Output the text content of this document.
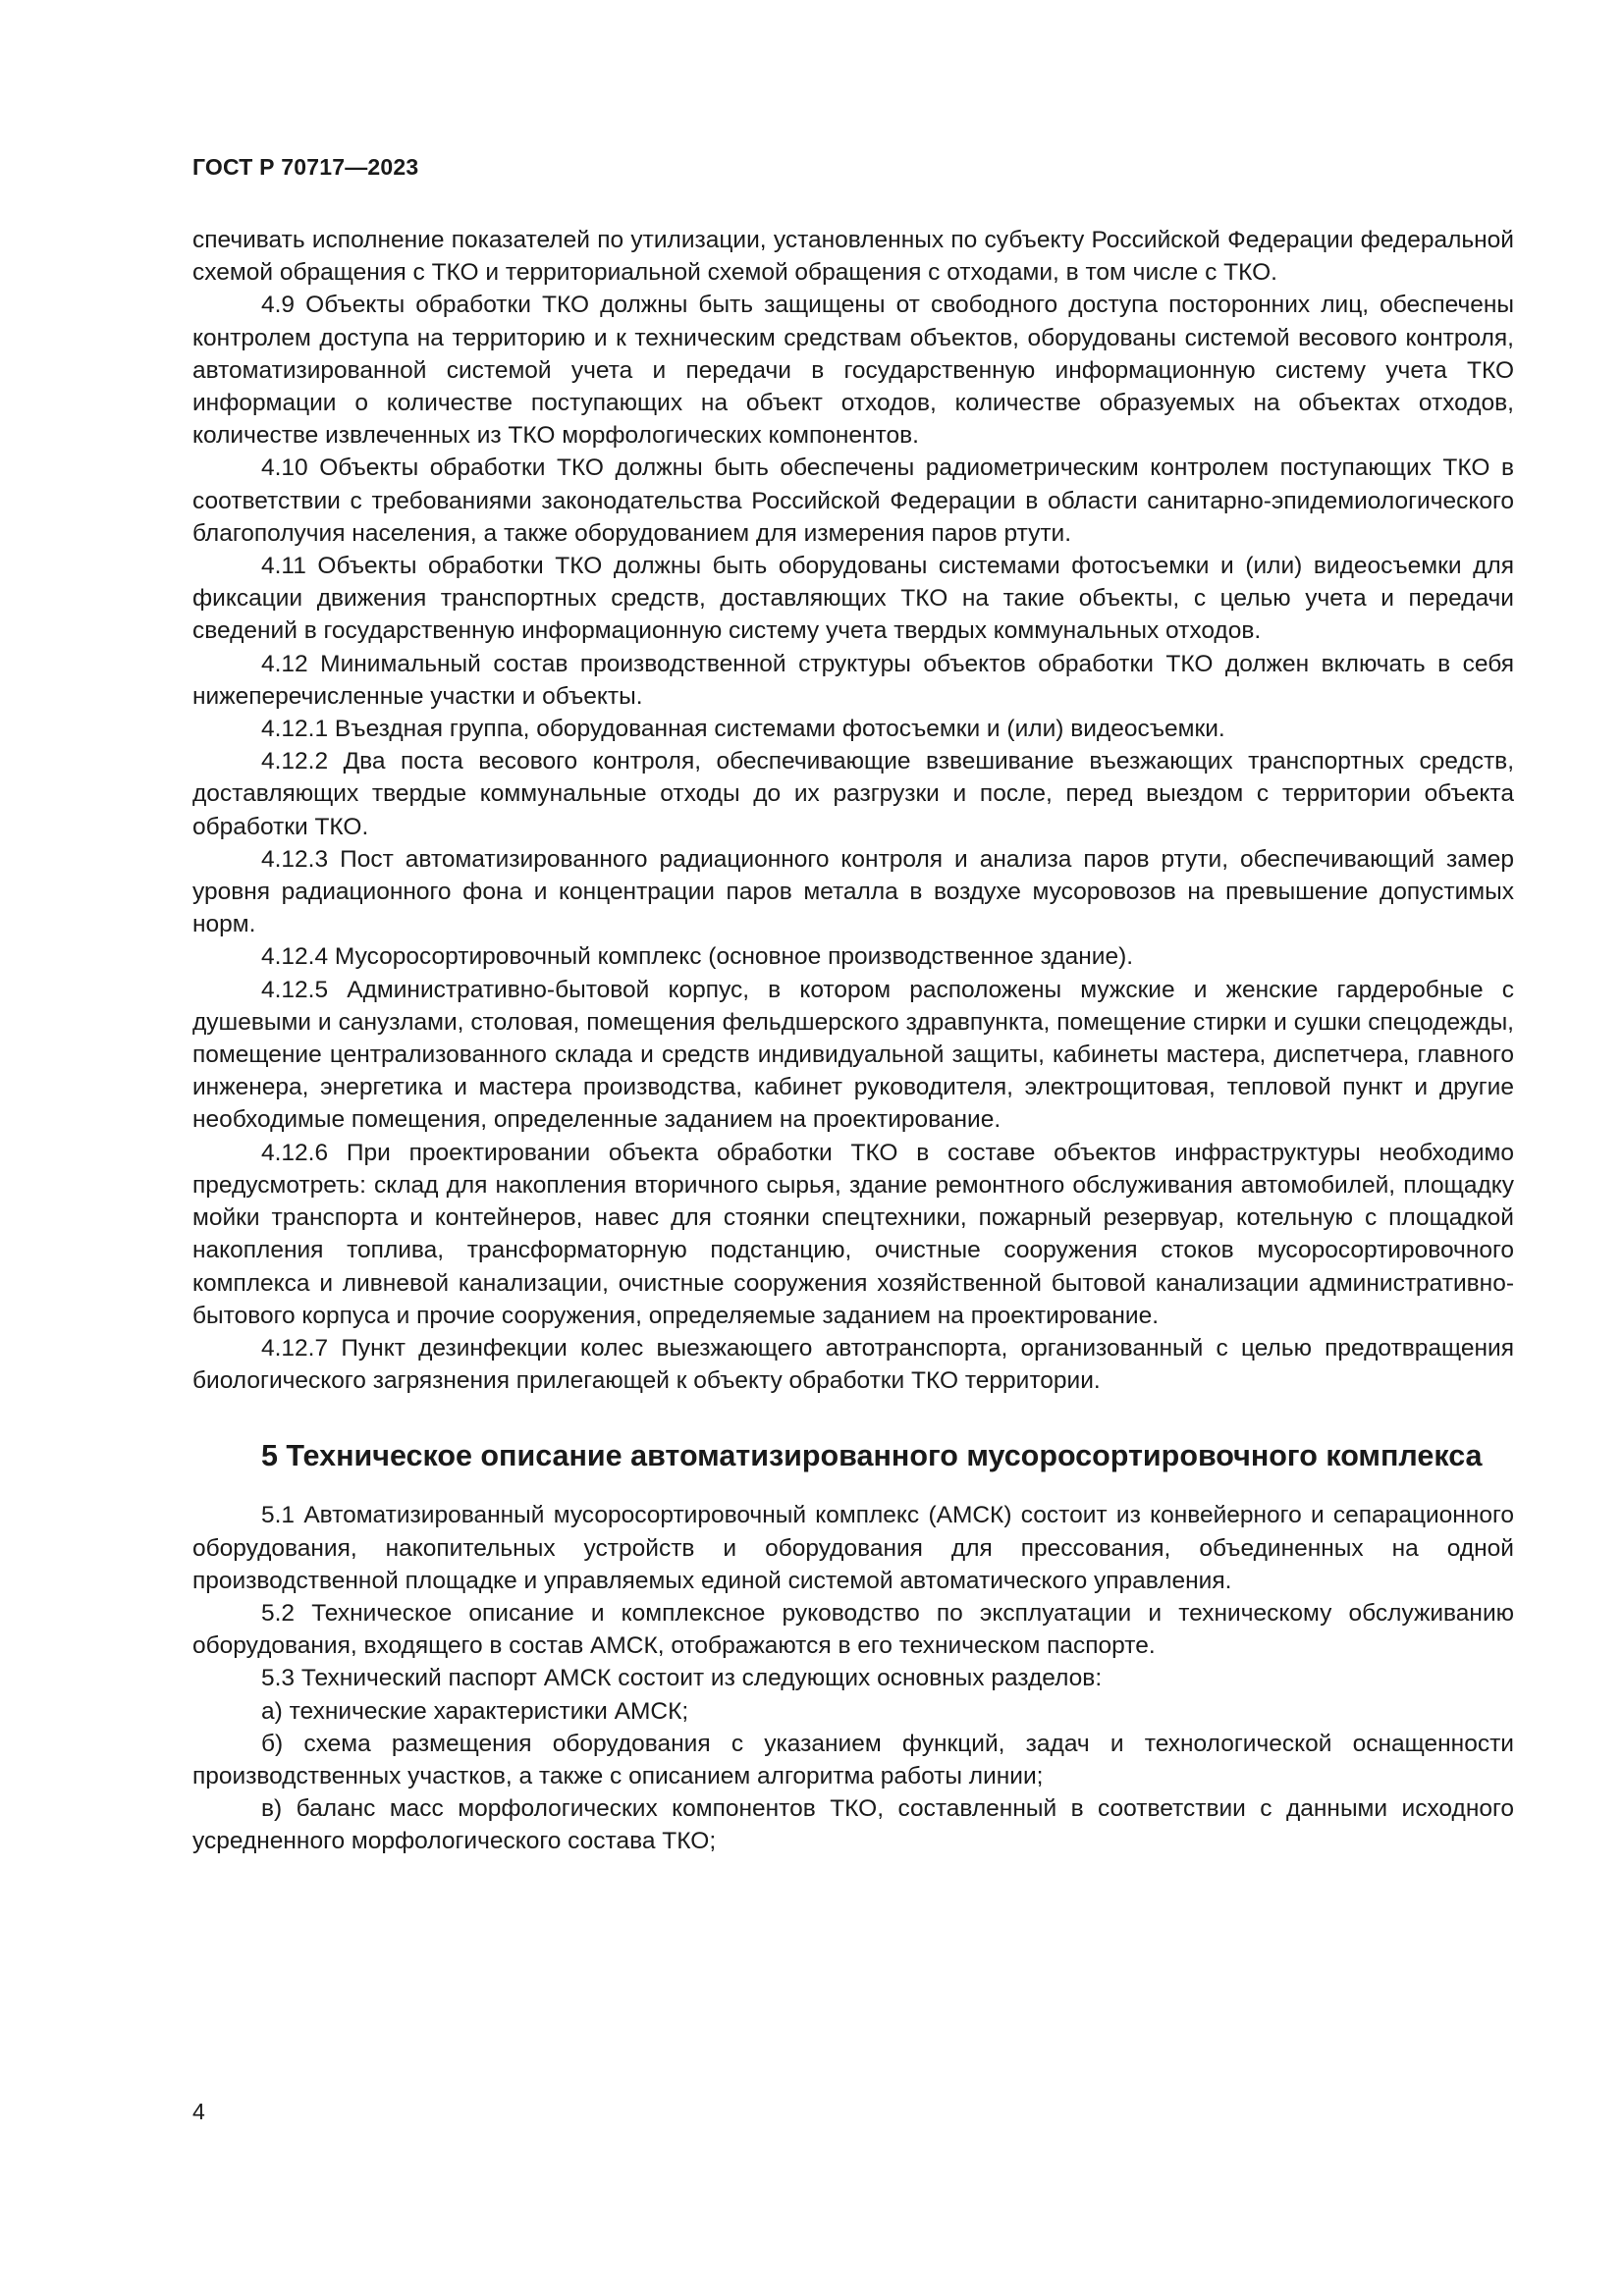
ГОСТ Р 70717—2023

спечивать исполнение показателей по утилизации, установленных по субъекту Российской Федерации федеральной схемой обращения с ТКО и территориальной схемой обращения с отходами, в том числе с ТКО.

4.9 Объекты обработки ТКО должны быть защищены от свободного доступа посторонних лиц, обеспечены контролем доступа на территорию и к техническим средствам объектов, оборудованы системой весового контроля, автоматизированной системой учета и передачи в государственную информационную систему учета ТКО информации о количестве поступающих на объект отходов, количестве образуемых на объектах отходов, количестве извлеченных из ТКО морфологических компонентов.

4.10 Объекты обработки ТКО должны быть обеспечены радиометрическим контролем поступающих ТКО в соответствии с требованиями законодательства Российской Федерации в области санитарно-эпидемиологического благополучия населения, а также оборудованием для измерения паров ртути.

4.11 Объекты обработки ТКО должны быть оборудованы системами фотосъемки и (или) видеосъемки для фиксации движения транспортных средств, доставляющих ТКО на такие объекты, с целью учета и передачи сведений в государственную информационную систему учета твердых коммунальных отходов.

4.12 Минимальный состав производственной структуры объектов обработки ТКО должен включать в себя нижеперечисленные участки и объекты.

4.12.1 Въездная группа, оборудованная системами фотосъемки и (или) видеосъемки.

4.12.2 Два поста весового контроля, обеспечивающие взвешивание въезжающих транспортных средств, доставляющих твердые коммунальные отходы до их разгрузки и после, перед выездом с территории объекта обработки ТКО.

4.12.3 Пост автоматизированного радиационного контроля и анализа паров ртути, обеспечивающий замер уровня радиационного фона и концентрации паров металла в воздухе мусоровозов на превышение допустимых норм.

4.12.4 Мусоросортировочный комплекс (основное производственное здание).

4.12.5 Административно-бытовой корпус, в котором расположены мужские и женские гардеробные с душевыми и санузлами, столовая, помещения фельдшерского здравпункта, помещение стирки и сушки спецодежды, помещение централизованного склада и средств индивидуальной защиты, кабинеты мастера, диспетчера, главного инженера, энергетика и мастера производства, кабинет руководителя, электрощитовая, тепловой пункт и другие необходимые помещения, определенные заданием на проектирование.

4.12.6 При проектировании объекта обработки ТКО в составе объектов инфраструктуры необходимо предусмотреть: склад для накопления вторичного сырья, здание ремонтного обслуживания автомобилей, площадку мойки транспорта и контейнеров, навес для стоянки спецтехники, пожарный резервуар, котельную с площадкой накопления топлива, трансформаторную подстанцию, очистные сооружения стоков мусоросортировочного комплекса и ливневой канализации, очистные сооружения хозяйственной бытовой канализации административно-бытового корпуса и прочие сооружения, определяемые заданием на проектирование.

4.12.7 Пункт дезинфекции колес выезжающего автотранспорта, организованный с целью предотвращения биологического загрязнения прилегающей к объекту обработки ТКО территории.

5 Техническое описание автоматизированного мусоросортировочного комплекса

5.1 Автоматизированный мусоросортировочный комплекс (АМСК) состоит из конвейерного и сепарационного оборудования, накопительных устройств и оборудования для прессования, объединенных на одной производственной площадке и управляемых единой системой автоматического управления.

5.2 Техническое описание и комплексное руководство по эксплуатации и техническому обслуживанию оборудования, входящего в состав АМСК, отображаются в его техническом паспорте.

5.3 Технический паспорт АМСК состоит из следующих основных разделов:

а) технические характеристики АМСК;

б) схема размещения оборудования с указанием функций, задач и технологической оснащенности производственных участков, а также с описанием алгоритма работы линии;

в) баланс масс морфологических компонентов ТКО, составленный в соответствии с данными исходного усредненного морфологического состава ТКО;

4
